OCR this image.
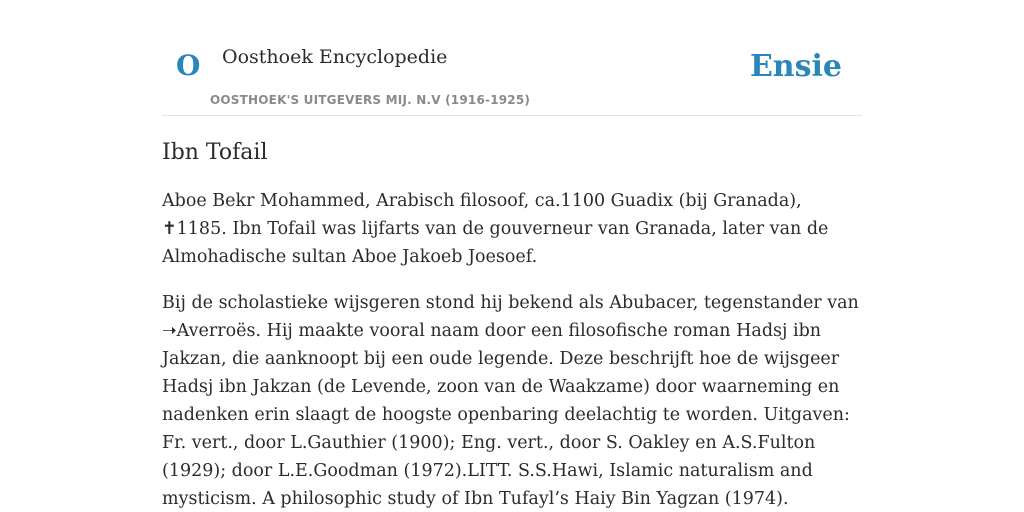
O Oosthoek Encyclopedie
OOSTHOEK'S UITGEVERS MIJ. N.V (1916-1925)
Ensie
Ibn Tofail

Aboe Bekr Mohammed, Arabisch filosoof, ca.1100 Guadix (bij Granada), ✝1185. Ibn Tofail was lijfarts van de gouverneur van Granada, later van de Almohadische sultan Aboe Jakoeb Joesoef.

Bij de scholastieke wijsgeren stond hij bekend als Abubacer, tegenstander van ➝Averroës. Hij maakte vooral naam door een filosofische roman Hadsj ibn Jakzan, die aanknoopt bij een oude legende. Deze beschrijft hoe de wijsgeer Hadsj ibn Jakzan (de Levende, zoon van de Waakzame) door waarneming en nadenken erin slaagt de hoogste openbaring deelachtig te worden. Uitgaven: Fr. vert., door L.Gauthier (1900); Eng. vert., door S. Oakley en A.S.Fulton (1929); door L.E.Goodman (1972).LITT. S.S.Hawi, Islamic naturalism and mysticism. A philosophic study of Ibn Tufayl’s Haiy Bin Yagzan (1974).
